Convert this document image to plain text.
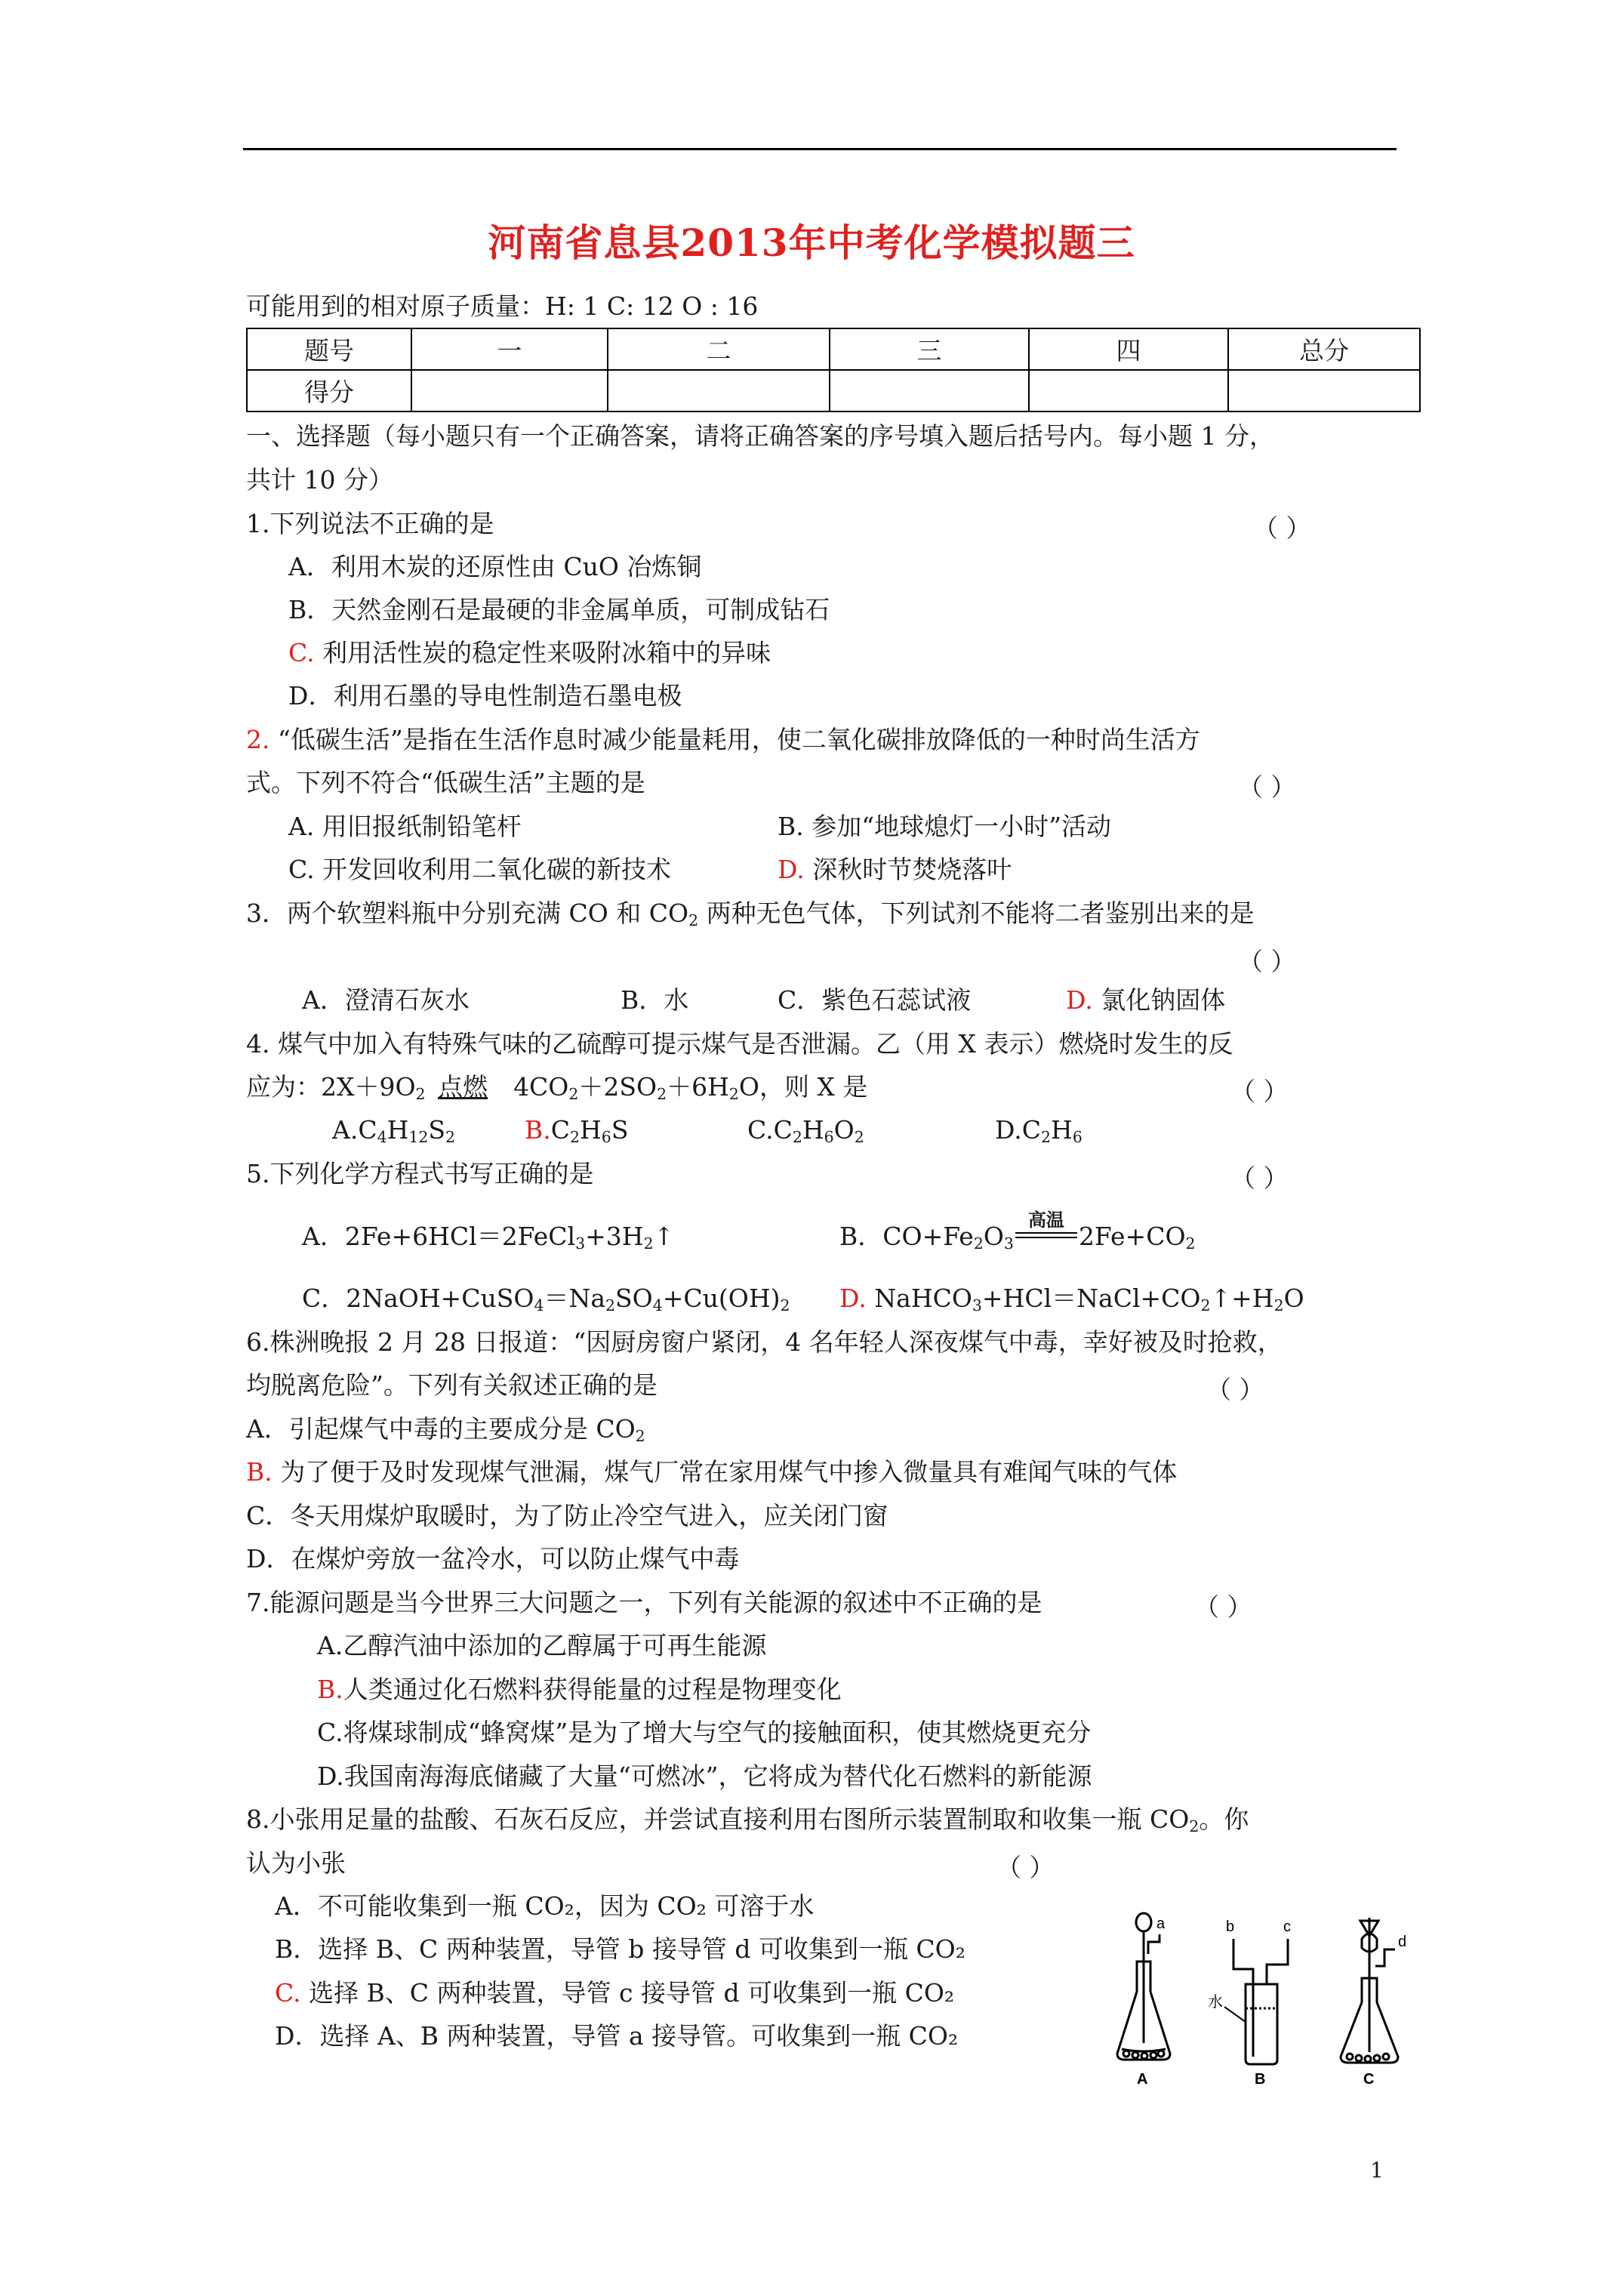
河南省息县2013年中考化学模拟题三
可能用到的相对原子质量：H: 1 C: 12 O : 16
题号	一	二	三	四	总分
得分					
一、选择题（每小题只有一个正确答案，请将正确答案的序号填入题后括号内。每小题 1 分，
共计 10 分）
1.下列说法不正确的是	（ ）
A．利用木炭的还原性由 CuO 冶炼铜
B．天然金刚石是最硬的非金属单质，可制成钻石
C. 利用活性炭的稳定性来吸附冰箱中的异味
D．利用石墨的导电性制造石墨电极
2. “低碳生活”是指在生活作息时减少能量耗用，使二氧化碳排放降低的一种时尚生活方
式。下列不符合“低碳生活”主题的是	（ ）
A. 用旧报纸制铅笔杆	B. 参加“地球熄灯一小时”活动
C. 开发回收利用二氧化碳的新技术	D. 深秋时节焚烧落叶
3．两个软塑料瓶中分别充满 CO 和 $CO_2$ 两种无色气体，下列试剂不能将二者鉴别出来的是
（ ）
A．澄清石灰水	B．水	C．紫色石蕊试液	D. 氯化钠固体
4. 煤气中加入有特殊气味的乙硫醇可提示煤气是否泄漏。乙（用 X 表示）燃烧时发生的反
应为：$2X+9O_2$ 点燃 $4CO_2+2SO_2+6H_2O$，则 X 是	（ ）
$A.C_4H_{12}S_2$	$B.C_2H_6S$	$C.C_2H_6O_2$	$D.C_2H_6$
5.下列化学方程式书写正确的是	（ ）
A．$2Fe+6HCl=2FeCl_3+3H_2↑$	B．$CO+Fe_2O_3$
高温
$2Fe+CO_2$
C．$2NaOH+CuSO_4=Na_2SO_4+Cu(OH)_2$ D. $NaHCO_3+HCl=NaCl+CO_2↑+H_2O$
6.株洲晚报 2 月 28 日报道：“因厨房窗户紧闭，4 名年轻人深夜煤气中毒，幸好被及时抢救，
均脱离危险”。下列有关叙述正确的是	（ ）
A．引起煤气中毒的主要成分是 $CO_2$
B. 为了便于及时发现煤气泄漏，煤气厂常在家用煤气中掺入微量具有难闻气味的气体
C．冬天用煤炉取暖时，为了防止冷空气进入，应关闭门窗
D．在煤炉旁放一盆冷水，可以防止煤气中毒
7.能源问题是当今世界三大问题之一，下列有关能源的叙述中不正确的是	（ ）
A.乙醇汽油中添加的乙醇属于可再生能源
B.人类通过化石燃料获得能量的过程是物理变化
C.将煤球制成“蜂窝煤”是为了增大与空气的接触面积，使其燃烧更充分
D.我国南海海底储藏了大量“可燃冰”，它将成为替代化石燃料的新能源
8.小张用足量的盐酸、石灰石反应，并尝试直接利用右图所示装置制取和收集一瓶 $CO_2$。你
认为小张	（ ）
A．不可能收集到一瓶 CO₂，因为 CO₂ 可溶于水
B．选择 B、C 两种装置，导管 b 接导管 d 可收集到一瓶 CO₂
C. 选择 B、C 两种装置，导管 c 接导管 d 可收集到一瓶 CO₂
D．选择 A、B 两种装置，导管 a 接导管。可收集到一瓶 CO₂
a	b	c
d
水
A	B	C
1
